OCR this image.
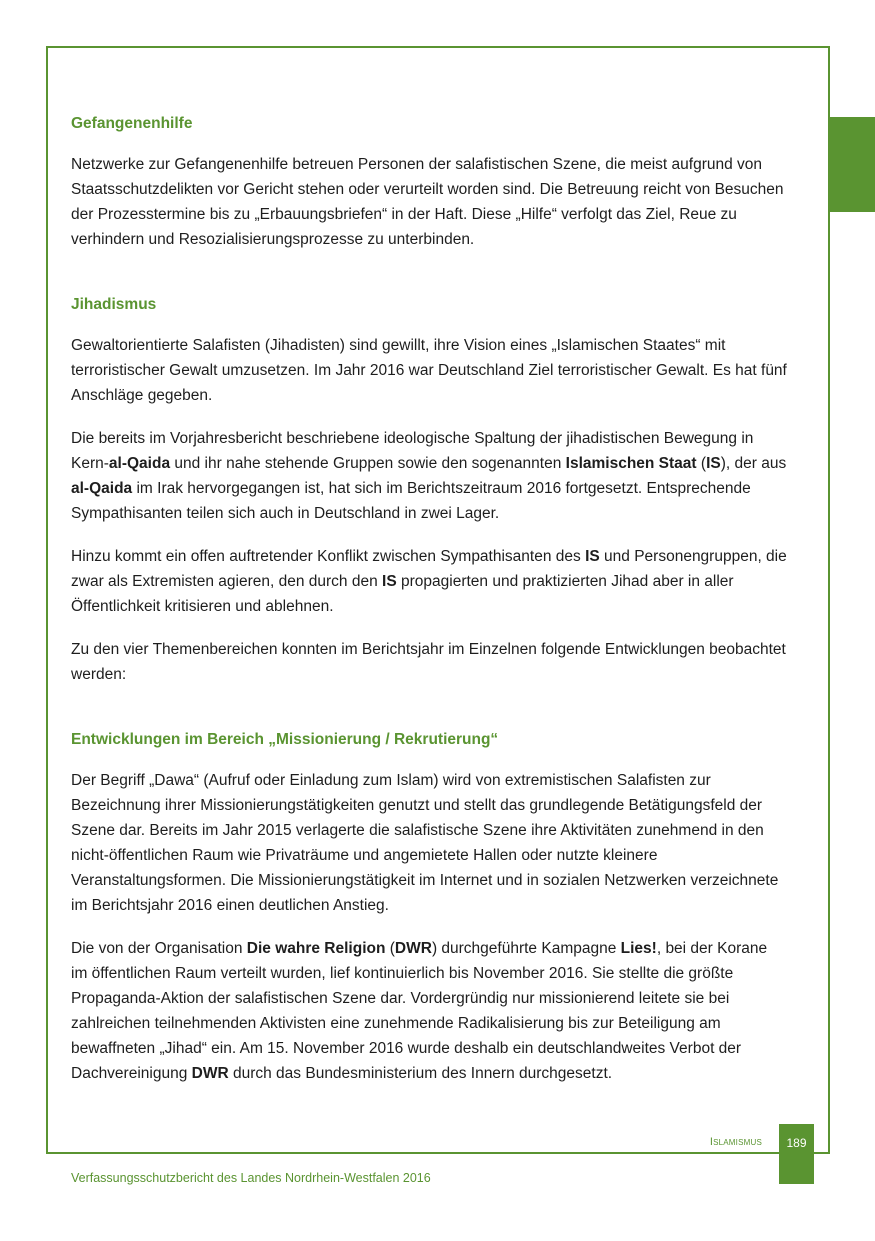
Gefangenenhilfe

Netzwerke zur Gefangenenhilfe betreuen Personen der salafistischen Szene, die meist aufgrund von Staatsschutzdelikten vor Gericht stehen oder verurteilt worden sind. Die Betreuung reicht von Besuchen der Prozesstermine bis zu „Erbauungsbriefen“ in der Haft. Diese „Hilfe“ verfolgt das Ziel, Reue zu verhindern und Resozialisierungsprozesse zu unterbinden.

Jihadismus

Gewaltorientierte Salafisten (Jihadisten) sind gewillt, ihre Vision eines „Islamischen Staates“ mit terroristischer Gewalt umzusetzen. Im Jahr 2016 war Deutschland Ziel terroristischer Gewalt. Es hat fünf Anschläge gegeben.

Die bereits im Vorjahresbericht beschriebene ideologische Spaltung der jihadistischen Bewegung in Kern-al-Qaida und ihr nahe stehende Gruppen sowie den sogenannten Islamischen Staat (IS), der aus al-Qaida im Irak hervorgegangen ist, hat sich im Berichtszeitraum 2016 fortgesetzt. Entsprechende Sympathisanten teilen sich auch in Deutschland in zwei Lager.

Hinzu kommt ein offen auftretender Konflikt zwischen Sympathisanten des IS und Personengruppen, die zwar als Extremisten agieren, den durch den IS propagierten und praktizierten Jihad aber in aller Öffentlichkeit kritisieren und ablehnen.

Zu den vier Themenbereichen konnten im Berichtsjahr im Einzelnen folgende Entwicklungen beobachtet werden:

Entwicklungen im Bereich „Missionierung / Rekrutierung“

Der Begriff „Dawa“ (Aufruf oder Einladung zum Islam) wird von extremistischen Salafisten zur Bezeichnung ihrer Missionierungstätigkeiten genutzt und stellt das grundlegende Betätigungsfeld der Szene dar. Bereits im Jahr 2015 verlagerte die salafistische Szene ihre Aktivitäten zunehmend in den nicht-öffentlichen Raum wie Privaträume und angemietete Hallen oder nutzte kleinere Veranstaltungsformen. Die Missionierungstätigkeit im Internet und in sozialen Netzwerken verzeichnete im Berichtsjahr 2016 einen deutlichen Anstieg.

Die von der Organisation Die wahre Religion (DWR) durchgeführte Kampagne Lies!, bei der Korane im öffentlichen Raum verteilt wurden, lief kontinuierlich bis November 2016. Sie stellte die größte Propaganda-Aktion der salafistischen Szene dar. Vordergründig nur missionierend leitete sie bei zahlreichen teilnehmenden Aktivisten eine zunehmende Radikalisierung bis zur Beteiligung am bewaffneten „Jihad“ ein. Am 15. November 2016 wurde deshalb ein deutschlandweites Verbot der Dachvereinigung DWR durch das Bundesministerium des Innern durchgesetzt.

Islamismus	189
Verfassungsschutzbericht des Landes Nordrhein-Westfalen 2016
